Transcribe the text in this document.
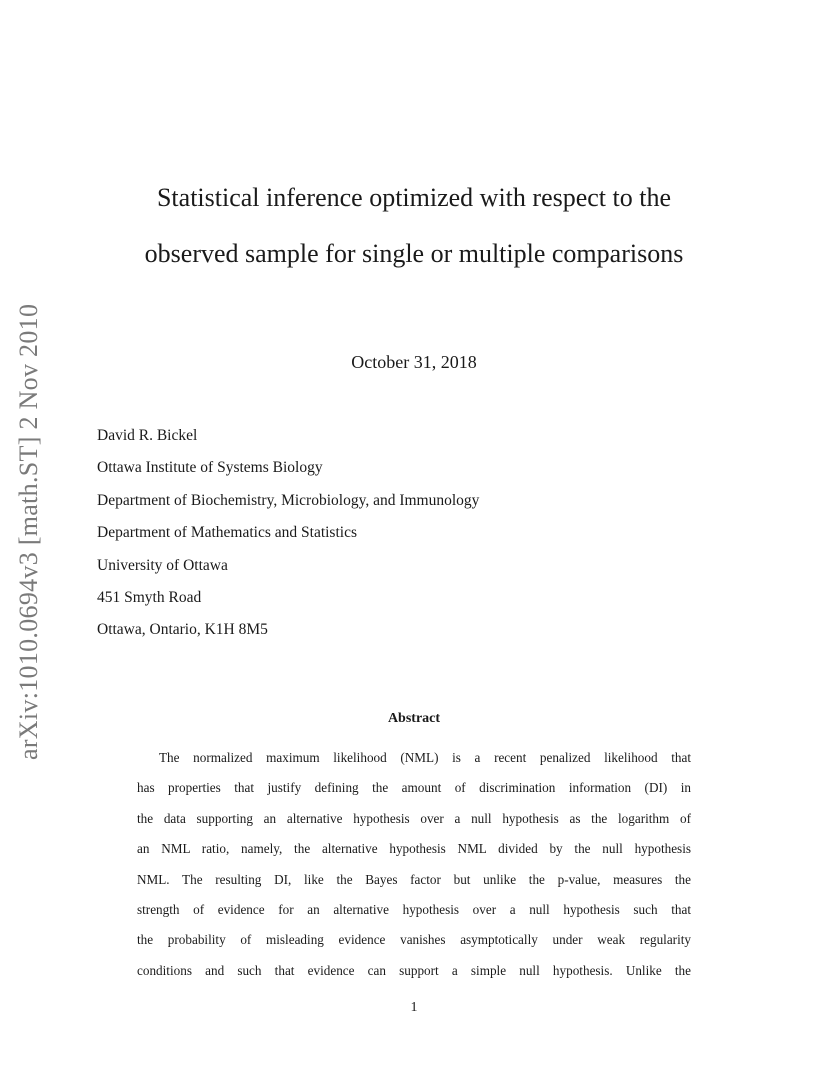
arXiv:1010.0694v3 [math.ST] 2 Nov 2010
Statistical inference optimized with respect to the
observed sample for single or multiple comparisons
October 31, 2018
David R. Bickel
Ottawa Institute of Systems Biology
Department of Biochemistry, Microbiology, and Immunology
Department of Mathematics and Statistics
University of Ottawa
451 Smyth Road
Ottawa, Ontario, K1H 8M5
Abstract
The normalized maximum likelihood (NML) is a recent penalized likelihood that
has properties that justify defining the amount of discrimination information (DI) in
the data supporting an alternative hypothesis over a null hypothesis as the logarithm of
an NML ratio, namely, the alternative hypothesis NML divided by the null hypothesis
NML. The resulting DI, like the Bayes factor but unlike the p-value, measures the
strength of evidence for an alternative hypothesis over a null hypothesis such that
the probability of misleading evidence vanishes asymptotically under weak regularity
conditions and such that evidence can support a simple null hypothesis. Unlike the
1
